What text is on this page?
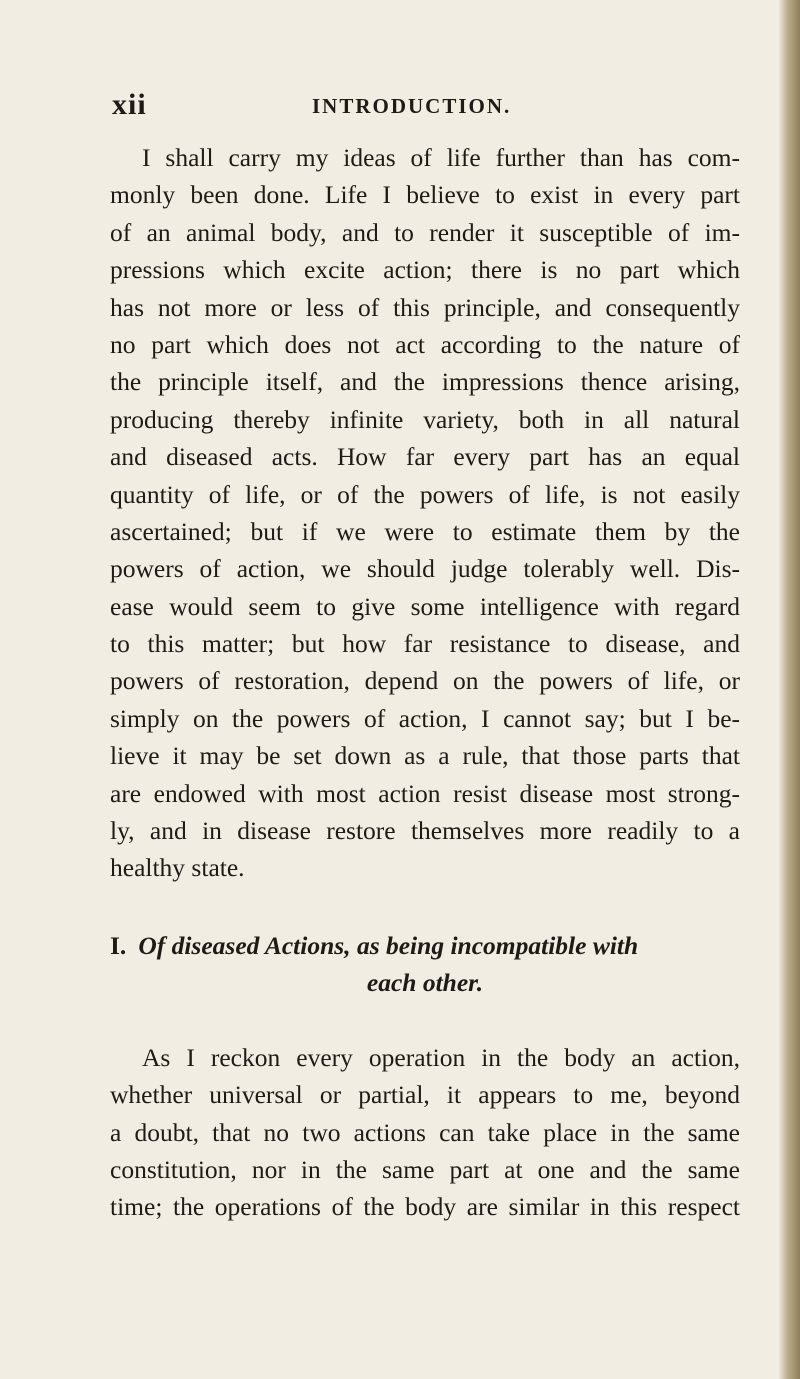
xii	INTRODUCTION.
I shall carry my ideas of life further than has com-
monly been done. Life I believe to exist in every part
of an animal body, and to render it susceptible of im-
pressions which excite action; there is no part which
has not more or less of this principle, and consequently
no part which does not act according to the nature of
the principle itself, and the impressions thence arising,
producing thereby infinite variety, both in all natural
and diseased acts. How far every part has an equal
quantity of life, or of the powers of life, is not easily
ascertained; but if we were to estimate them by the
powers of action, we should judge tolerably well. Dis-
ease would seem to give some intelligence with regard
to this matter; but how far resistance to disease, and
powers of restoration, depend on the powers of life, or
simply on the powers of action, I cannot say; but I be-
lieve it may be set down as a rule, that those parts that
are endowed with most action resist disease most strong-
ly, and in disease restore themselves more readily to a
healthy state.
I. Of diseased Actions, as being incompatible with
each other.
As I reckon every operation in the body an action,
whether universal or partial, it appears to me, beyond
a doubt, that no two actions can take place in the same
constitution, nor in the same part at one and the same
time; the operations of the body are similar in this respect
